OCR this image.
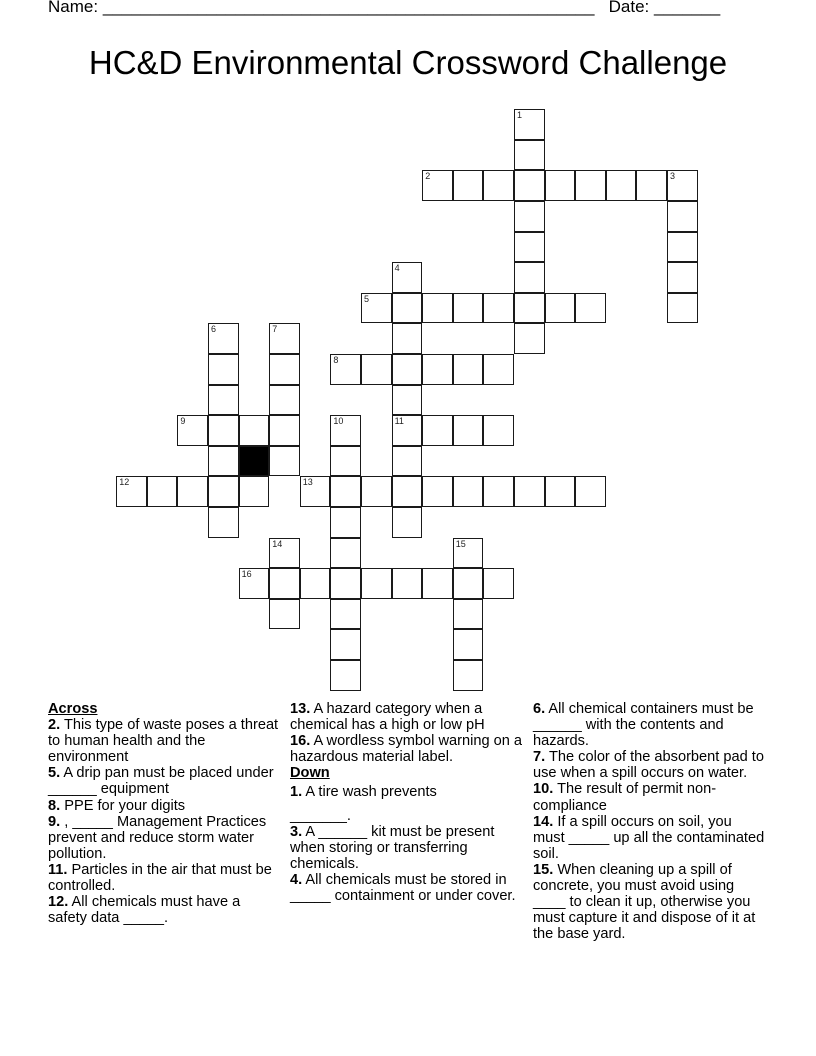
Name: ____________________________________________________ Date: _______
HC&D Environmental Crossword Challenge
1
2	3
4
11
5
6	7
8
9	10
12	13
14	15
16
Across
2. This type of waste poses a threat to human health and the environment
5. A drip pan must be placed under ______ equipment
8. PPE for your digits
9. , _____ Management Practices prevent and reduce storm water pollution.
11. Particles in the air that must be controlled.
12. All chemicals must have a safety data _____.
13. A hazard category when a chemical has a high or low pH
16. A wordless symbol warning on a hazardous material label.
Down
1. A tire wash prevents
_______.
3. A ______ kit must be present when storing or transferring chemicals.
4. All chemicals must be stored in _____ containment or under cover.
6. All chemical containers must be ______ with the contents and hazards.
7. The color of the absorbent pad to use when a spill occurs on water.
10. The result of permit non-compliance
14. If a spill occurs on soil, you must _____ up all the contaminated soil.
15. When cleaning up a spill of concrete, you must avoid using ____ to clean it up, otherwise you must capture it and dispose of it at the base yard.
